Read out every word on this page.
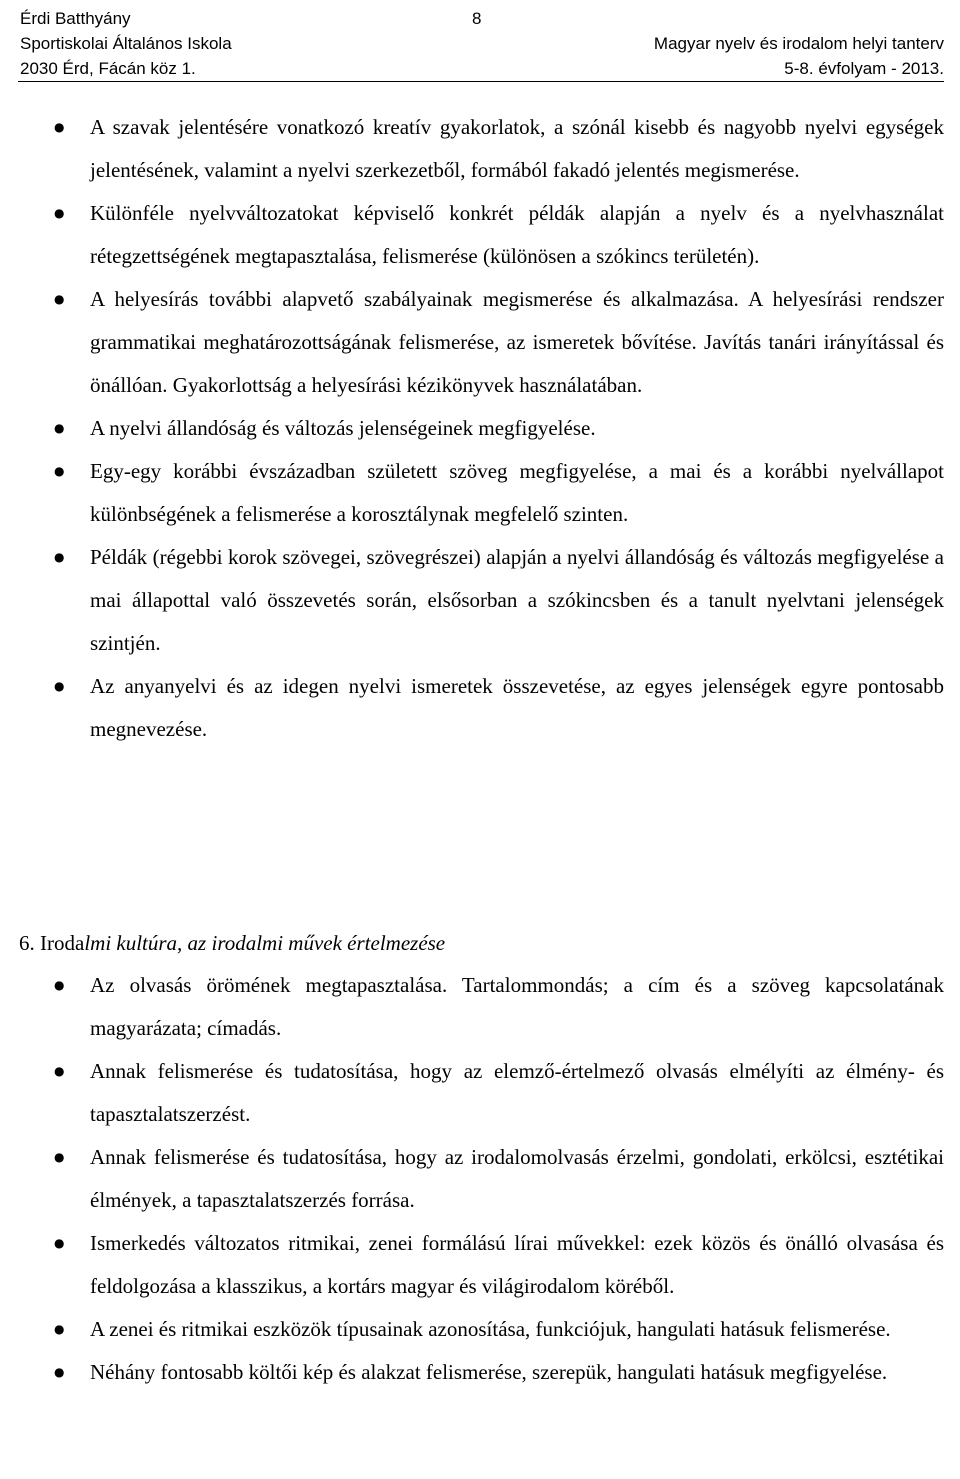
Érdi Batthyány
Sportiskolai Általános Iskola
2030 Érd, Fácán köz 1.
8
Magyar nyelv és irodalom helyi tanterv
5-8. évfolyam - 2013.
● A szavak jelentésére vonatkozó kreatív gyakorlatok, a szónál kisebb és nagyobb nyelvi egységek jelentésének, valamint a nyelvi szerkezetből, formából fakadó jelentés megismerése.

● Különféle nyelvváltozatokat képviselő konkrét példák alapján a nyelv és a nyelvhasználat rétegzettségének megtapasztalása, felismerése (különösen a szókincs területén).

● A helyesírás további alapvető szabályainak megismerése és alkalmazása. A helyesírási rendszer grammatikai meghatározottságának felismerése, az ismeretek bővítése. Javítás tanári irányítással és önállóan. Gyakorlottság a helyesírási kézikönyvek használatában.

● A nyelvi állandóság és változás jelenségeinek megfigyelése.

● Egy-egy korábbi évszázadban született szöveg megfigyelése, a mai és a korábbi nyelvállapot különbségének a felismerése a korosztálynak megfelelő szinten.

● Példák (régebbi korok szövegei, szövegrészei) alapján a nyelvi állandóság és változás megfigyelése a mai állapottal való összevetés során, elsősorban a szókincsben és a tanult nyelvtani jelenségek szintjén.

● Az anyanyelvi és az idegen nyelvi ismeretek összevetése, az egyes jelenségek egyre pontosabb megnevezése.

6. Irodalmi kultúra, az irodalmi művek értelmezése
● Az olvasás örömének megtapasztalása. Tartalommondás; a cím és a szöveg kapcsolatának magyarázata; címadás.

● Annak felismerése és tudatosítása, hogy az elemző-értelmező olvasás elmélyíti az élmény- és tapasztalatszerzést.

● Annak felismerése és tudatosítása, hogy az irodalomolvasás érzelmi, gondolati, erkölcsi, esztétikai élmények, a tapasztalatszerzés forrása.

● Ismerkedés változatos ritmikai, zenei formálású lírai művekkel: ezek közös és önálló olvasása és feldolgozása a klasszikus, a kortárs magyar és világirodalom köréből.

● A zenei és ritmikai eszközök típusainak azonosítása, funkciójuk, hangulati hatásuk felismerése.

● Néhány fontosabb költői kép és alakzat felismerése, szerepük, hangulati hatásuk megfigyelése.
